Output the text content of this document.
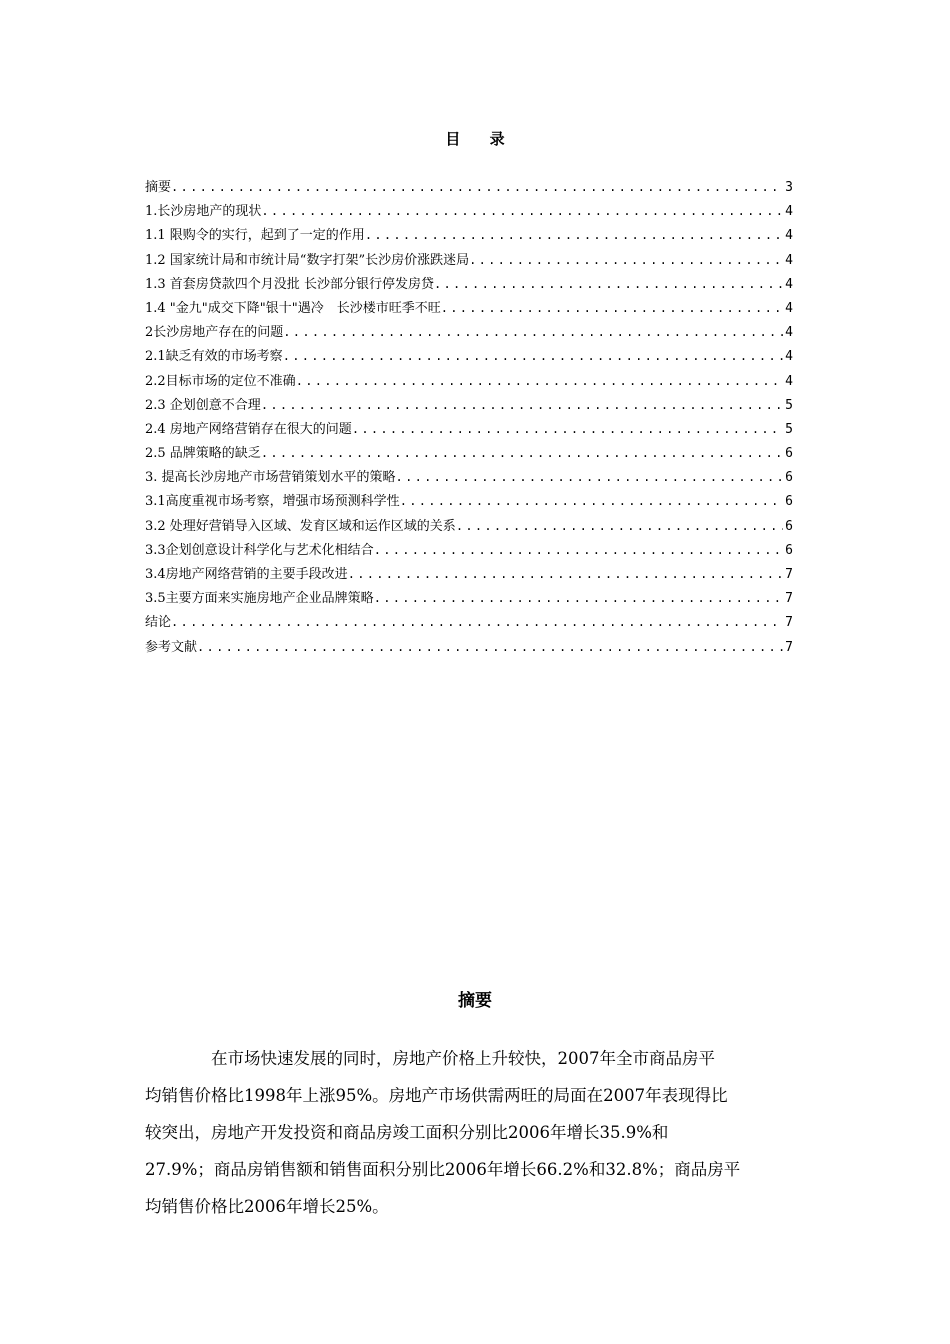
目 录
摘要 .....	3
1.长沙房地产的现状 .....	4
1.1 限购令的实行，起到了一定的作用 .....	4
1.2 国家统计局和市统计局“数字打架”长沙房价涨跌迷局 .....	4
1.3 首套房贷款四个月没批 长沙部分银行停发房贷 .....	4
1.4 "金九"成交下降"银十"遇冷　长沙楼市旺季不旺 .....	4
2长沙房地产存在的问题 .....	4
2.1缺乏有效的市场考察 .....	4
2.2目标市场的定位不准确 .....	4
2.3 企划创意不合理 .....	5
2.4 房地产网络营销存在很大的问题 .....	5
2.5 品牌策略的缺乏 .....	6
3. 提高长沙房地产市场营销策划水平的策略 .....	6
3.1高度重视市场考察，增强市场预测科学性 .....	6
3.2 处理好营销导入区域、发育区域和运作区域的关系 .....	6
3.3企划创意设计科学化与艺术化相结合 .....	6
3.4房地产网络营销的主要手段改进 .....	7
3.5主要方面来实施房地产企业品牌策略 .....	7
结论 .....	7
参考文献 .....	7
摘要
在市场快速发展的同时，房地产价格上升较快，2007年全市商品房平
均销售价格比1998年上涨95%。房地产市场供需两旺的局面在2007年表现得比
较突出，房地产开发投资和商品房竣工面积分别比2006年增长35.9%和
27.9%；商品房销售额和销售面积分别比2006年增长66.2%和32.8%；商品房平
均销售价格比2006年增长25%。
